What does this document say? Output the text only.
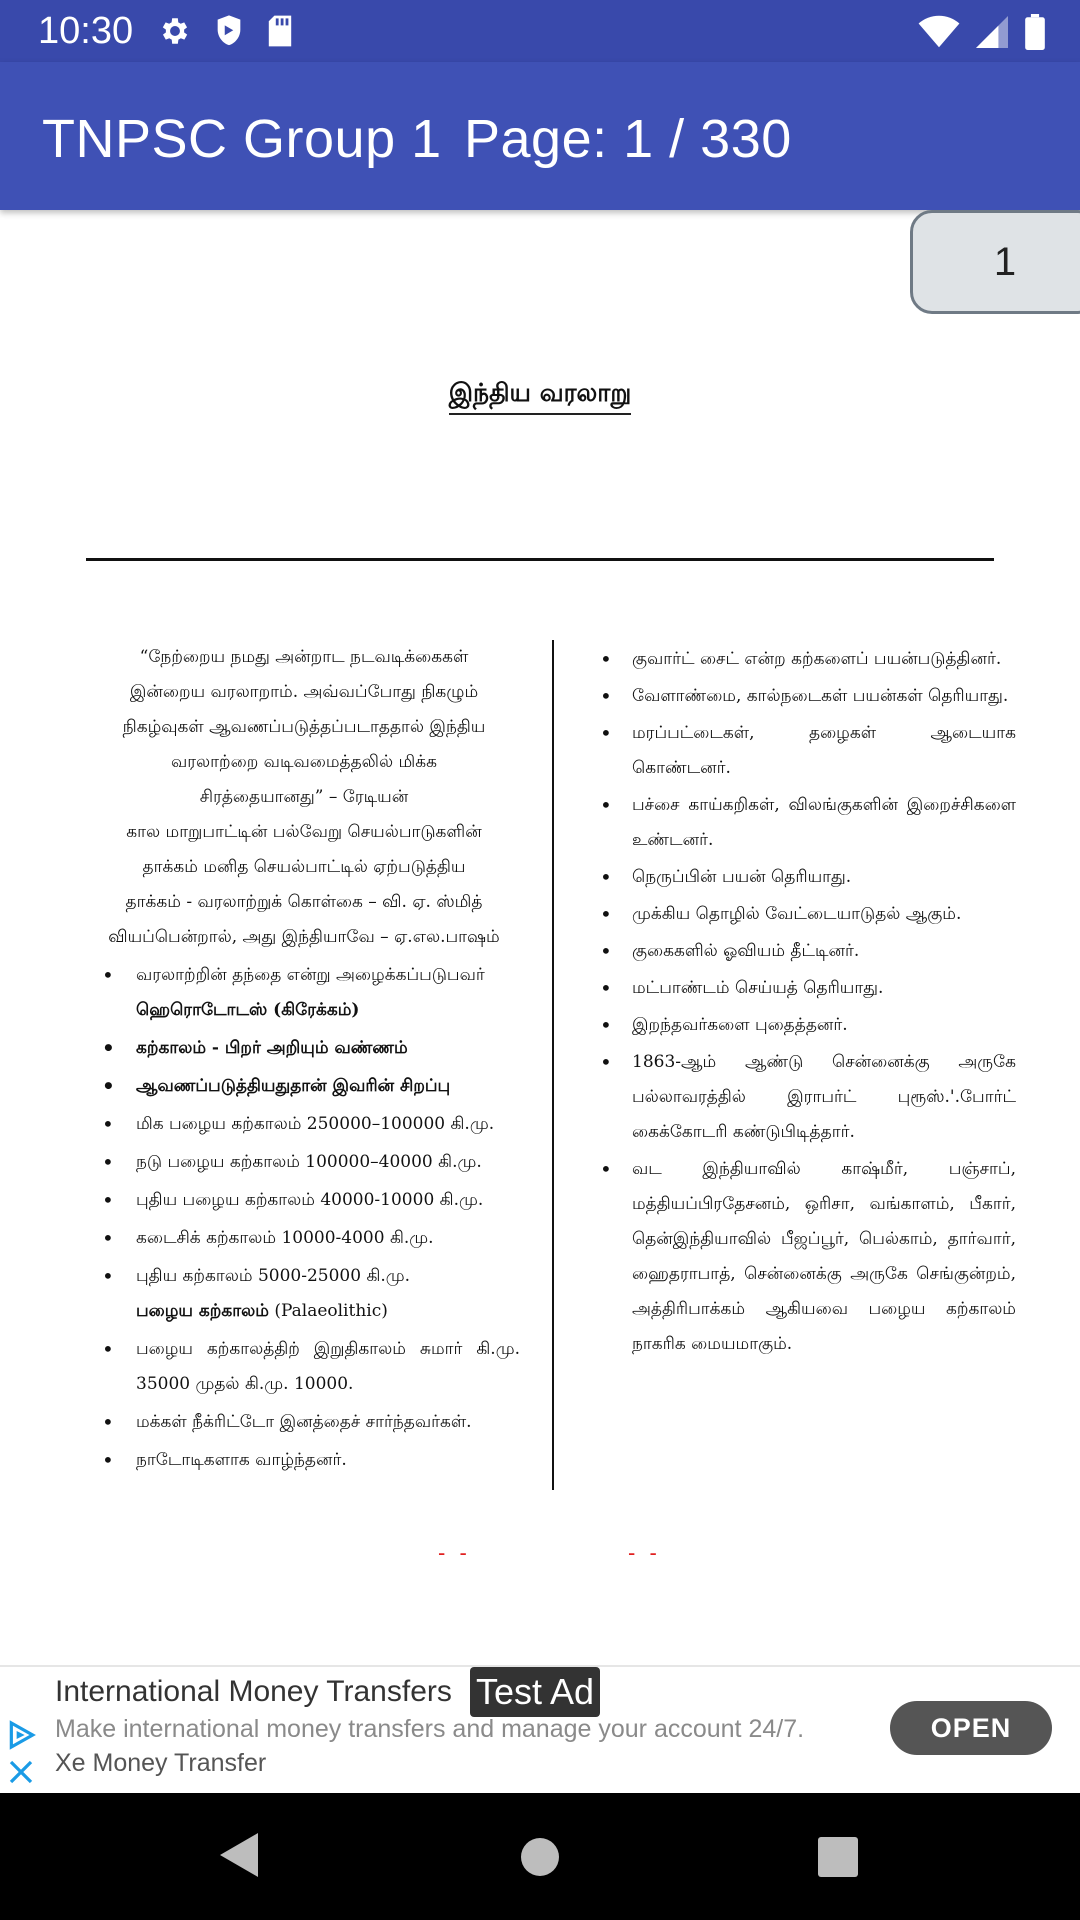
10:30
TNPSC Group 1 Page: 1 / 330
இந்திய வரலாறு
“நேற்றைய நமது அன்றாட நடவடிக்கைகள்
இன்றைய வரலாறாம். அவ்வப்போது நிகழும்
நிகழ்வுகள் ஆவணப்படுத்தப்படாததால் இந்திய
வரலாற்றை வடிவமைத்தலில் மிக்க
சிரத்தையானது” – ரேடியன்
கால மாறுபாட்டின் பல்வேறு செயல்பாடுகளின்
தாக்கம் மனித செயல்பாட்டில் ஏற்படுத்திய
தாக்கம் - வரலாற்றுக் கொள்கை – வி. ஏ. ஸ்மித்
வியப்பென்றால், அது இந்தியாவே – ஏ.எல.பாஷம்
• வரலாற்றின் தந்தை என்று அழைக்கப்படுபவர்
ஹெரொடோடஸ் (கிரேக்கம்)
• கற்காலம் - பிறர் அறியும் வண்ணம்
• ஆவணப்படுத்தியதுதான் இவரின் சிறப்பு
• மிக பழைய கற்காலம் 250000–100000 கி.மு.
• நடு பழைய கற்காலம் 100000–40000 கி.மு.
• புதிய பழைய கற்காலம் 40000-10000 கி.மு.
• கடைசிக் கற்காலம் 10000-4000 கி.மு.
• புதிய கற்காலம் 5000-25000 கி.மு.
பழைய கற்காலம் (Palaeolithic)
• பழைய கற்காலத்திற் இறுதிகாலம் சுமார் கி.மு. 35000 முதல் கி.மு. 10000.
• மக்கள் நீக்ரிட்டோ இனத்தைச் சார்ந்தவர்கள்.
• நாடோடிகளாக வாழ்ந்தனர்.
• குவார்ட் சைட் என்ற கற்களைப் பயன்படுத்தினர்.
• வேளாண்மை, கால்நடைகள் பயன்கள் தெரியாது.
• மரப்பட்டைகள், தழைகள் ஆடையாக கொண்டனர்.
• பச்சை காய்கறிகள், விலங்குகளின் இறைச்சிகளை உண்டனர்.
• நெருப்பின் பயன் தெரியாது.
• முக்கிய தொழில் வேட்டையாடுதல் ஆகும்.
• குகைகளில் ஓவியம் தீட்டினர்.
• மட்பாண்டம் செய்யத் தெரியாது.
• இறந்தவர்களை புதைத்தனர்.
• 1863-ஆம் ஆண்டு சென்னைக்கு அருகே பல்லாவரத்தில் இராபர்ட் புரூஸ்.'.போர்ட் கைக்கோடரி கண்டுபிடித்தார்.
• வட இந்தியாவில் காஷ்மீர், பஞ்சாப், மத்தியப்பிரதேசனம், ஒரிசா, வங்காளம், பீகார், தென்இந்தியாவில் பீஜப்பூர், பெல்காம், தார்வார், ஹைதராபாத், சென்னைக்கு அருகே செங்குன்றம், அத்திரிபாக்கம் ஆகியவை பழைய கற்காலம் நாகரிக மையமாகும்.
- -	- -
1
International Money Transfers Test Ad
Make international money transfers and manage your account 24/7.
Xe Money Transfer
OPEN
